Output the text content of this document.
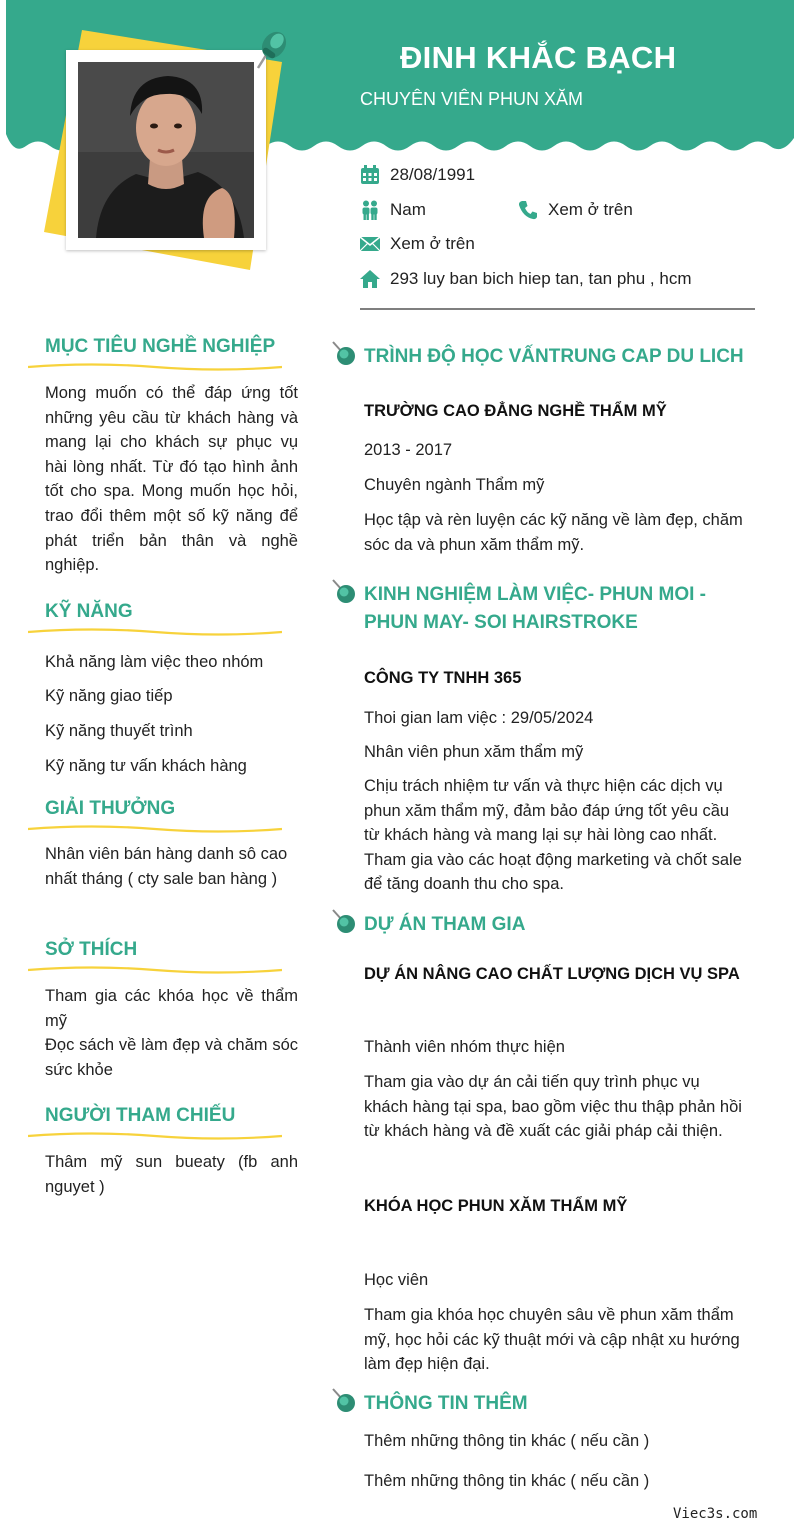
ĐINH KHẮC BẠCH
CHUYÊN VIÊN PHUN XĂM
28/08/1991
Nam	Xem ở trên
Xem ở trên
293 luy ban bich hiep tan, tan phu , hcm
MỤC TIÊU NGHỀ NGHIỆP
Mong muốn có thể đáp ứng tốt những yêu cầu từ khách hàng và mang lại cho khách sự phục vụ hài lòng nhất. Từ đó tạo hình ảnh tốt cho spa. Mong muốn học hỏi, trao đổi thêm một số kỹ năng để phát triển bản thân và nghề nghiệp.
KỸ NĂNG
Khả năng làm việc theo nhóm
Kỹ năng giao tiếp
Kỹ năng thuyết trình
Kỹ năng tư vấn khách hàng
GIẢI THƯỞNG
Nhân viên bán hàng danh sô cao nhất tháng ( cty sale ban hàng )
SỞ THÍCH
Tham gia các khóa học về thẩm mỹ
Đọc sách về làm đẹp và chăm sóc sức khỏe
NGƯỜI THAM CHIẾU
Thâm mỹ sun bueaty (fb anh nguyet )
TRÌNH ĐỘ HỌC VẤNTRUNG CAP DU LICH
TRƯỜNG CAO ĐẲNG NGHỀ THẨM MỸ
2013 - 2017
Chuyên ngành Thẩm mỹ
Học tập và rèn luyện các kỹ năng về làm đẹp, chăm sóc da và phun xăm thẩm mỹ.
KINH NGHIỆM LÀM VIỆC- PHUN MOI - PHUN MAY- SOI HAIRSTROKE
CÔNG TY TNHH 365
Thoi gian lam việc : 29/05/2024
Nhân viên phun xăm thẩm mỹ
Chịu trách nhiệm tư vấn và thực hiện các dịch vụ phun xăm thẩm mỹ, đảm bảo đáp ứng tốt yêu cầu từ khách hàng và mang lại sự hài lòng cao nhất. Tham gia vào các hoạt động marketing và chốt sale để tăng doanh thu cho spa.
DỰ ÁN THAM GIA
DỰ ÁN NÂNG CAO CHẤT LƯỢNG DỊCH VỤ SPA
Thành viên nhóm thực hiện
Tham gia vào dự án cải tiến quy trình phục vụ khách hàng tại spa, bao gồm việc thu thập phản hồi từ khách hàng và đề xuất các giải pháp cải thiện.
KHÓA HỌC PHUN XĂM THẨM MỸ
Học viên
Tham gia khóa học chuyên sâu về phun xăm thẩm mỹ, học hỏi các kỹ thuật mới và cập nhật xu hướng làm đẹp hiện đại.
THÔNG TIN THÊM
Thêm những thông tin khác ( nếu cần )
Thêm những thông tin khác ( nếu cần )
Viec3s.com
